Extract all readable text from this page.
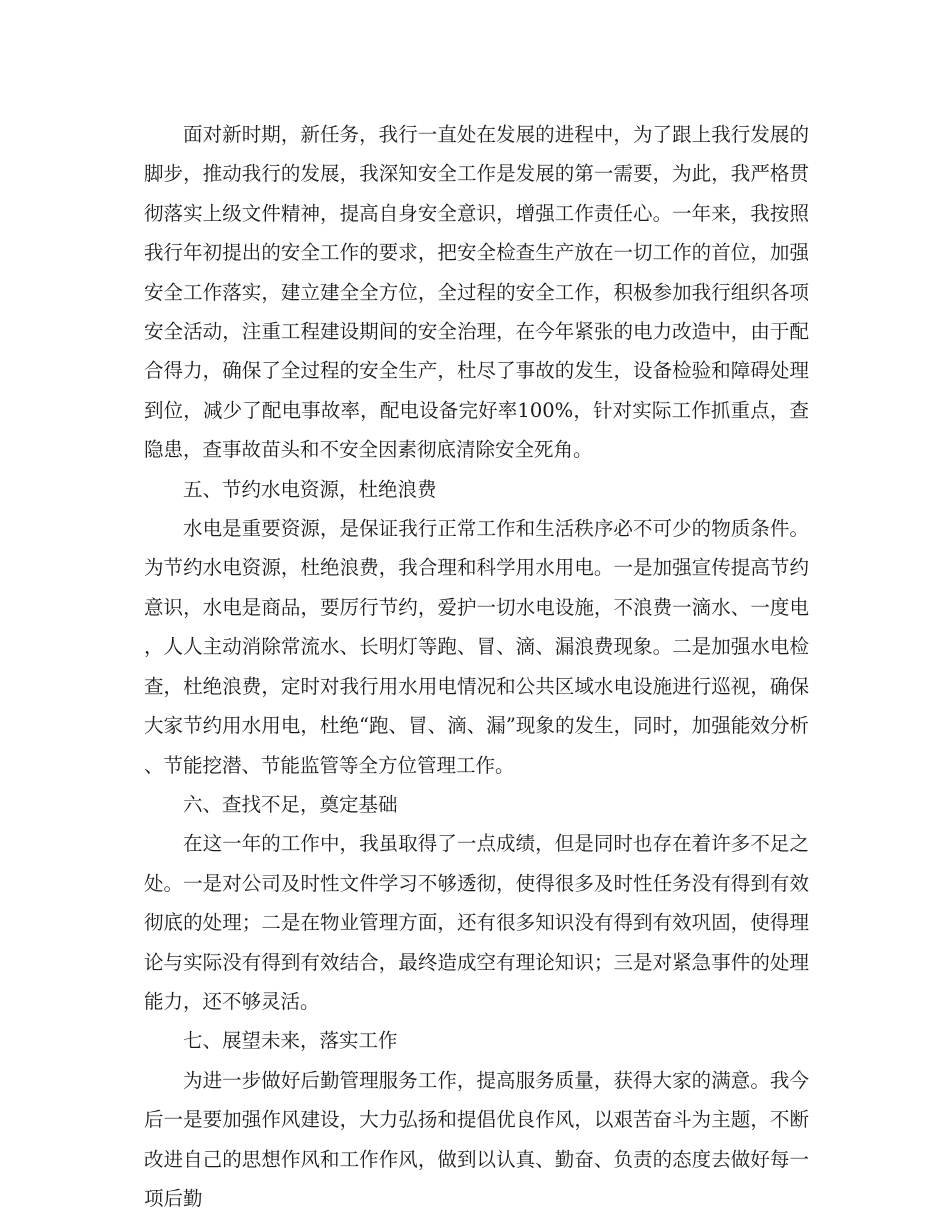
面对新时期，新任务，我行一直处在发展的进程中，为了跟上我行发展的脚步，推动我行的发展，我深知安全工作是发展的第一需要，为此，我严格贯彻落实上级文件精神，提高自身安全意识，增强工作责任心。一年来，我按照我行年初提出的安全工作的要求，把安全检查生产放在一切工作的首位，加强安全工作落实，建立建全全方位，全过程的安全工作，积极参加我行组织各项安全活动，注重工程建设期间的安全治理，在今年紧张的电力改造中，由于配合得力，确保了全过程的安全生产，杜尽了事故的发生，设备检验和障碍处理到位，减少了配电事故率，配电设备完好率100%，针对实际工作抓重点，查隐患，查事故苗头和不安全因素彻底清除安全死角。

五、节约水电资源，杜绝浪费

水电是重要资源，是保证我行正常工作和生活秩序必不可少的物质条件。为节约水电资源，杜绝浪费，我合理和科学用水用电。一是加强宣传提高节约意识，水电是商品，要厉行节约，爱护一切水电设施，不浪费一滴水、一度电，人人主动消除常流水、长明灯等跑、冒、滴、漏浪费现象。二是加强水电检查，杜绝浪费，定时对我行用水用电情况和公共区域水电设施进行巡视，确保大家节约用水用电，杜绝“跑、冒、滴、漏”现象的发生，同时，加强能效分析、节能挖潜、节能监管等全方位管理工作。

六、查找不足，奠定基础

在这一年的工作中，我虽取得了一点成绩，但是同时也存在着许多不足之处。一是对公司及时性文件学习不够透彻，使得很多及时性任务没有得到有效彻底的处理；二是在物业管理方面，还有很多知识没有得到有效巩固，使得理论与实际没有得到有效结合，最终造成空有理论知识；三是对紧急事件的处理能力，还不够灵活。

七、展望未来，落实工作

为进一步做好后勤管理服务工作，提高服务质量，获得大家的满意。我今后一是要加强作风建设，大力弘扬和提倡优良作风，以艰苦奋斗为主题，不断改进自己的思想作风和工作作风，做到以认真、勤奋、负责的态度去做好每一项后勤
